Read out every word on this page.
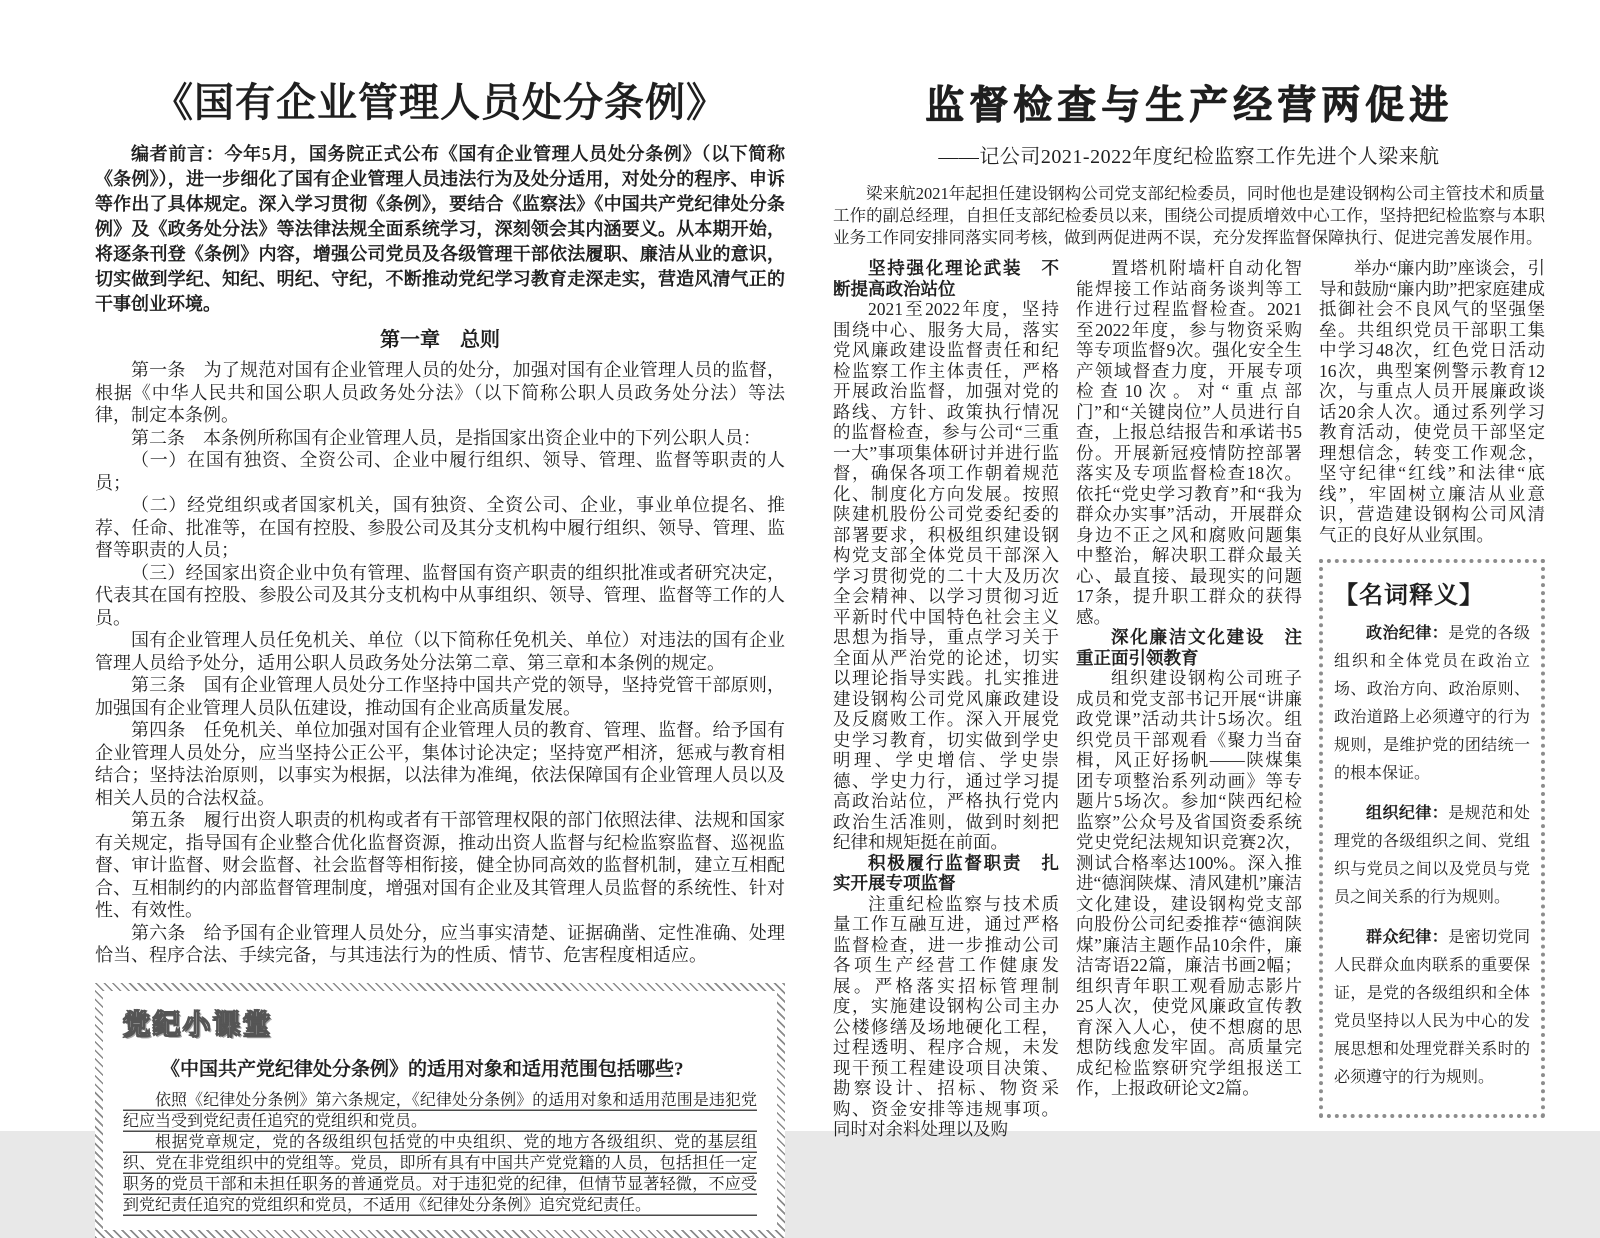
《国有企业管理人员处分条例》

编者前言：今年5月，国务院正式公布《国有企业管理人员处分条例》（以下简称《条例》），进一步细化了国有企业管理人员违法行为及处分适用，对处分的程序、申诉等作出了具体规定。深入学习贯彻《条例》，要结合《监察法》《中国共产党纪律处分条例》及《政务处分法》等法律法规全面系统学习，深刻领会其内涵要义。从本期开始，将逐条刊登《条例》内容，增强公司党员及各级管理干部依法履职、廉洁从业的意识，切实做到学纪、知纪、明纪、守纪，不断推动党纪学习教育走深走实，营造风清气正的干事创业环境。

第一章　总则

第一条　为了规范对国有企业管理人员的处分，加强对国有企业管理人员的监督，根据《中华人民共和国公职人员政务处分法》（以下简称公职人员政务处分法）等法律，制定本条例。

第二条　本条例所称国有企业管理人员，是指国家出资企业中的下列公职人员：

（一）在国有独资、全资公司、企业中履行组织、领导、管理、监督等职责的人员；

（二）经党组织或者国家机关，国有独资、全资公司、企业，事业单位提名、推荐、任命、批准等，在国有控股、参股公司及其分支机构中履行组织、领导、管理、监督等职责的人员；

（三）经国家出资企业中负有管理、监督国有资产职责的组织批准或者研究决定，代表其在国有控股、参股公司及其分支机构中从事组织、领导、管理、监督等工作的人员。

国有企业管理人员任免机关、单位（以下简称任免机关、单位）对违法的国有企业管理人员给予处分，适用公职人员政务处分法第二章、第三章和本条例的规定。

第三条　国有企业管理人员处分工作坚持中国共产党的领导，坚持党管干部原则，加强国有企业管理人员队伍建设，推动国有企业高质量发展。

第四条　任免机关、单位加强对国有企业管理人员的教育、管理、监督。给予国有企业管理人员处分，应当坚持公正公平，集体讨论决定；坚持宽严相济，惩戒与教育相结合；坚持法治原则，以事实为根据，以法律为准绳，依法保障国有企业管理人员以及相关人员的合法权益。

第五条　履行出资人职责的机构或者有干部管理权限的部门依照法律、法规和国家有关规定，指导国有企业整合优化监督资源，推动出资人监督与纪检监察监督、巡视监督、审计监督、财会监督、社会监督等相衔接，健全协同高效的监督机制，建立互相配合、互相制约的内部监督管理制度，增强对国有企业及其管理人员监督的系统性、针对性、有效性。

第六条　给予国有企业管理人员处分，应当事实清楚、证据确凿、定性准确、处理恰当、程序合法、手续完备，与其违法行为的性质、情节、危害程度相适应。

党纪小课堂

《中国共产党纪律处分条例》的适用对象和适用范围包括哪些?

依照《纪律处分条例》第六条规定，《纪律处分条例》的适用对象和适用范围是违犯党纪应当受到党纪责任追究的党组织和党员。

根据党章规定，党的各级组织包括党的中央组织、党的地方各级组织、党的基层组织、党在非党组织中的党组等。党员，即所有具有中国共产党党籍的人员，包括担任一定职务的党员干部和未担任职务的普通党员。对于违犯党的纪律，但情节显著轻微，不应受到党纪责任追究的党组织和党员，不适用《纪律处分条例》追究党纪责任。

监督检查与生产经营两促进
——记公司2021-2022年度纪检监察工作先进个人梁来航

梁来航2021年起担任建设钢构公司党支部纪检委员，同时他也是建设钢构公司主管技术和质量工作的副总经理，自担任支部纪检委员以来，围绕公司提质增效中心工作，坚持把纪检监察与本职业务工作同安排同落实同考核，做到两促进两不误，充分发挥监督保障执行、促进完善发展作用。

坚持强化理论武装　不断提高政治站位

2021至2022年度，坚持围绕中心、服务大局，落实党风廉政建设监督责任和纪检监察工作主体责任，严格开展政治监督，加强对党的路线、方针、政策执行情况的监督检查，参与公司“三重一大”事项集体研讨并进行监督，确保各项工作朝着规范化、制度化方向发展。按照陕建机股份公司党委纪委的部署要求，积极组织建设钢构党支部全体党员干部深入学习贯彻党的二十大及历次全会精神、以学习贯彻习近平新时代中国特色社会主义思想为指导，重点学习关于全面从严治党的论述，切实以理论指导实践。扎实推进建设钢构公司党风廉政建设及反腐败工作。深入开展党史学习教育，切实做到学史明理、学史增信、学史崇德、学史力行，通过学习提高政治站位，严格执行党内政治生活准则，做到时刻把纪律和规矩挺在前面。

积极履行监督职责　扎实开展专项监督

注重纪检监察与技术质量工作互融互进，通过严格监督检查，进一步推动公司各项生产经营工作健康发展。严格落实招标管理制度，实施建设钢构公司主办公楼修缮及场地硬化工程，过程透明、程序合规，未发现干预工程建设项目决策、勘察设计、招标、物资采购、资金安排等违规事项。同时对余料处理以及购

置塔机附墙杆自动化智能焊接工作站商务谈判等工作进行过程监督检查。2021至2022年度，参与物资采购等专项监督9次。强化安全生产领域督查力度，开展专项检查10次。对“重点部门”和“关键岗位”人员进行自查，上报总结报告和承诺书5份。开展新冠疫情防控部署落实及专项监督检查18次。依托“党史学习教育”和“我为群众办实事”活动，开展群众身边不正之风和腐败问题集中整治，解决职工群众最关心、最直接、最现实的问题17条，提升职工群众的获得感。

深化廉洁文化建设　注重正面引领教育

组织建设钢构公司班子成员和党支部书记开展“讲廉政党课”活动共计5场次。组织党员干部观看《聚力当奋楫，风正好扬帆——陕煤集团专项整治系列动画》等专题片5场次。参加“陕西纪检监察”公众号及省国资委系统党史党纪法规知识竞赛2次，测试合格率达100%。深入推进“德润陕煤、清风建机”廉洁文化建设，建设钢构党支部向股份公司纪委推荐“德润陕煤”廉洁主题作品10余件，廉洁寄语22篇，廉洁书画2幅；组织青年职工观看励志影片25人次，使党风廉政宣传教育深入人心，使不想腐的思想防线愈发牢固。高质量完成纪检监察研究学组报送工作，上报政研论文2篇。

举办“廉内助”座谈会，引导和鼓励“廉内助”把家庭建成抵御社会不良风气的坚强堡垒。共组织党员干部职工集中学习48次，红色党日活动16次，典型案例警示教育12次，与重点人员开展廉政谈话20余人次。通过系列学习教育活动，使党员干部坚定理想信念，转变工作观念，坚守纪律“红线”和法律“底线”，牢固树立廉洁从业意识，营造建设钢构公司风清气正的良好从业氛围。

【名词释义】

政治纪律：是党的各级组织和全体党员在政治立场、政治方向、政治原则、政治道路上必须遵守的行为规则，是维护党的团结统一的根本保证。

组织纪律：是规范和处理党的各级组织之间、党组织与党员之间以及党员与党员之间关系的行为规则。

群众纪律：是密切党同人民群众血肉联系的重要保证，是党的各级组织和全体党员坚持以人民为中心的发展思想和处理党群关系时的必须遵守的行为规则。
